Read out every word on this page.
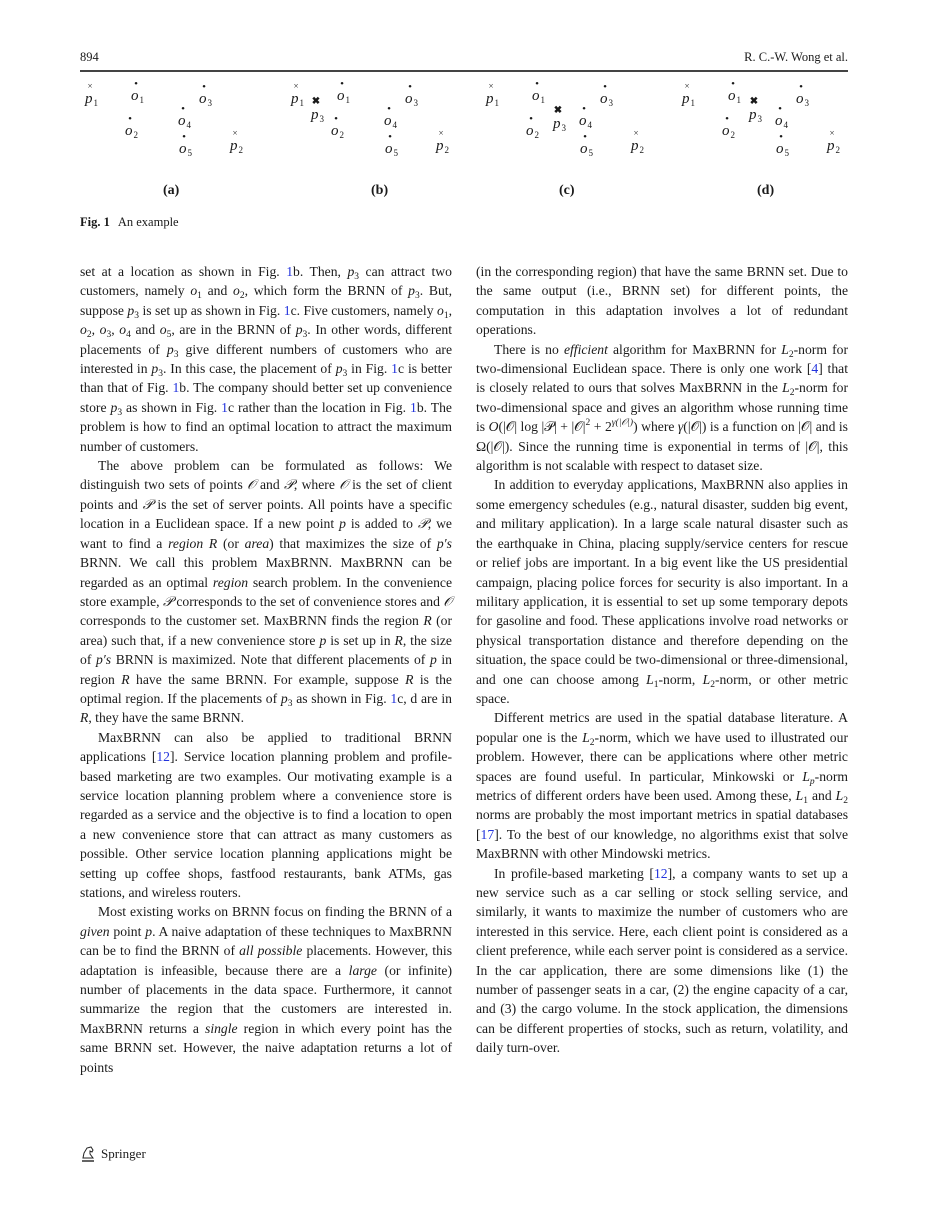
894	R. C.-W. Wong et al.
×
$p_1$
•
$o_1$
•
$o_3$
•
$o_4$
•
$o_2$	•
$o_5$
×
$p_2$
(a)
×
$p_1$
•
$o_1$
•
$o_3$
•
$o_4$
•
$o_2$	•
$o_5$
×
$p_2$
✖
$p_3$
(b)
×
$p_1$
•
$o_1$
•
$o_3$
•
$o_4$
•
$o_2$	•
$o_5$
×
$p_2$
✖
$p_3$
(c)
×
$p_1$
•
$o_1$
•
$o_3$
•
$o_4$
•
$o_2$	•
$o_5$
×
$p_2$
✖
$p_3$
(d)
Fig. 1 An example

set at a location as shown in Fig. 1b. Then, $p_3$ can attract two customers, namely $o_1$ and $o_2$, which form the BRNN of $p_3$. But, suppose $p_3$ is set up as shown in Fig. 1c. Five customers, namely $o_1$, $o_2$, $o_3$, $o_4$ and $o_5$, are in the BRNN of $p_3$. In other words, different placements of $p_3$ give different numbers of customers who are interested in $p_3$. In this case, the placement of $p_3$ in Fig. 1c is better than that of Fig. 1b. The company should better set up convenience store $p_3$ as shown in Fig. 1c rather than the location in Fig. 1b. The problem is how to find an optimal location to attract the maximum number of customers.

The above problem can be formulated as follows: We distinguish two sets of points 𝒪 and 𝒫, where 𝒪 is the set of client points and 𝒫 is the set of server points. All points have a specific location in a Euclidean space. If a new point p is added to 𝒫, we want to find a region R (or area) that maximizes the size of p′s BRNN. We call this problem MaxBRNN. MaxBRNN can be regarded as an optimal region search problem. In the convenience store example, 𝒫 corresponds to the set of convenience stores and 𝒪 corresponds to the customer set. MaxBRNN finds the region R (or area) such that, if a new convenience store p is set up in R, the size of p′s BRNN is maximized. Note that different placements of p in region R have the same BRNN. For example, suppose R is the optimal region. If the placements of $p_3$ as shown in Fig. 1c, d are in R, they have the same BRNN.

MaxBRNN can also be applied to traditional BRNN applications [12]. Service location planning problem and profile-based marketing are two examples. Our motivating example is a service location planning problem where a convenience store is regarded as a service and the objective is to find a location to open a new convenience store that can attract as many customers as possible. Other service location planning applications might be setting up coffee shops, fastfood restaurants, bank ATMs, gas stations, and wireless routers.

Most existing works on BRNN focus on finding the BRNN of a given point p. A naive adaptation of these techniques to MaxBRNN can be to find the BRNN of all possible placements. However, this adaptation is infeasible, because there are a large (or infinite) number of placements in the data space. Furthermore, it cannot summarize the region that the customers are interested in. MaxBRNN returns a single region in which every point has the same BRNN set. However, the naive adaptation returns a lot of points

(in the corresponding region) that have the same BRNN set. Due to the same output (i.e., BRNN set) for different points, the computation in this adaptation involves a lot of redundant operations.

There is no efficient algorithm for MaxBRNN for $L_2$-norm for two-dimensional Euclidean space. There is only one work [4] that is closely related to ours that solves MaxBRNN in the $L_2$-norm for two-dimensional space and gives an algorithm whose running time is O(|𝒪| log |𝒫| + $|𝒪|^2 + 2^{\gamma(|𝒪|)}$) where γ(|𝒪|) is a function on |𝒪| and is Ω(|𝒪|). Since the running time is exponential in terms of |𝒪|, this algorithm is not scalable with respect to dataset size.

In addition to everyday applications, MaxBRNN also applies in some emergency schedules (e.g., natural disaster, sudden big event, and military application). In a large scale natural disaster such as the earthquake in China, placing supply/service centers for rescue or relief jobs are important. In a big event like the US presidential campaign, placing police forces for security is also important. In a military application, it is essential to set up some temporary depots for gasoline and food. These applications involve road networks or physical transportation distance and therefore depending on the situation, the space could be two-dimensional or three-dimensional, and one can choose among $L_1$-norm, $L_2$-norm, or other metric space.

Different metrics are used in the spatial database literature. A popular one is the $L_2$-norm, which we have used to illustrated our problem. However, there can be applications where other metric spaces are found useful. In particular, Minkowski or $L_p$-norm metrics of different orders have been used. Among these, $L_1$ and $L_2$ norms are probably the most important metrics in spatial databases [17]. To the best of our knowledge, no algorithms exist that solve MaxBRNN with other Mindowski metrics.

In profile-based marketing [12], a company wants to set up a new service such as a car selling or stock selling service, and similarly, it wants to maximize the number of customers who are interested in this service. Here, each client point is considered as a client preference, while each server point is considered as a service. In the car application, there are some dimensions like (1) the number of passenger seats in a car, (2) the engine capacity of a car, and (3) the cargo volume. In the stock application, the dimensions can be different properties of stocks, such as return, volatility, and daily turn-over.

Springer
